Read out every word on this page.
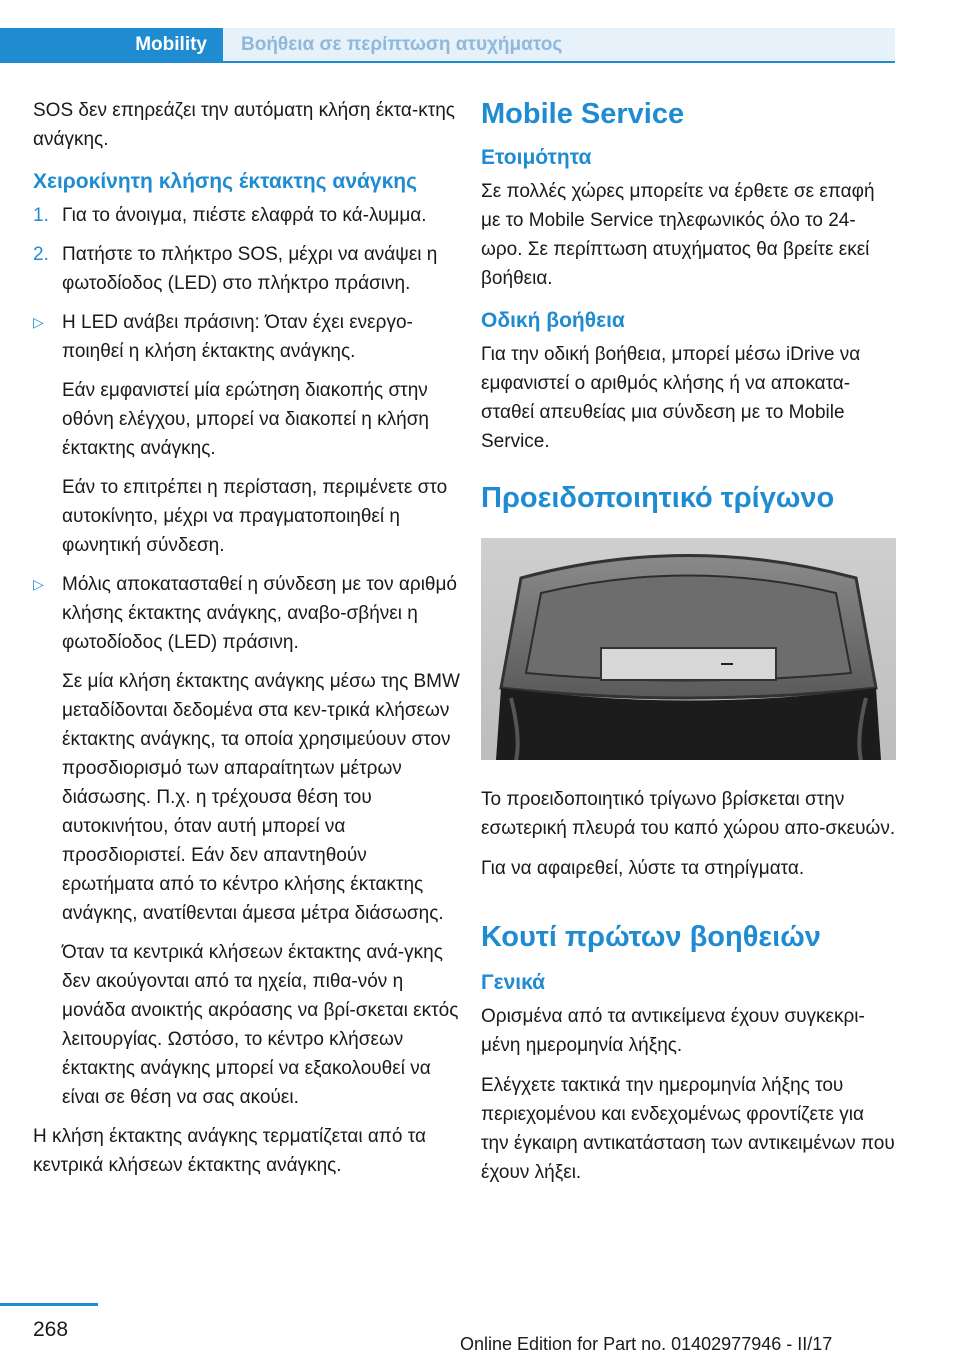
Mobility	Βοήθεια σε περίπτωση ατυχήματος

SOS δεν επηρεάζει την αυτόματη κλήση έκτα-κτης ανάγκης.

Χειροκίνητη κλήσης έκτακτης ανάγκης
1. Για το άνοιγμα, πιέστε ελαφρά το κά-λυμμα.
2. Πατήστε το πλήκτρο SOS, μέχρι να ανάψει η φωτοδίοδος (LED) στο πλήκτρο πράσινη.
▷ Η LED ανάβει πράσινη: Όταν έχει ενεργο-ποιηθεί η κλήση έκτακτης ανάγκης.

Εάν εμφανιστεί μία ερώτηση διακοπής στην οθόνη ελέγχου, μπορεί να διακοπεί η κλήση έκτακτης ανάγκης.

Εάν το επιτρέπει η περίσταση, περιμένετε στο αυτοκίνητο, μέχρι να πραγματοποιηθεί η φωνητική σύνδεση.

▷ Μόλις αποκατασταθεί η σύνδεση με τον αριθμό κλήσης έκτακτης ανάγκης, αναβο-σβήνει η φωτοδίοδος (LED) πράσινη.

Σε μία κλήση έκτακτης ανάγκης μέσω της BMW μεταδίδονται δεδομένα στα κεν-τρικά κλήσεων έκτακτης ανάγκης, τα οποία χρησιμεύουν στον προσδιορισμό των απαραίτητων μέτρων διάσωσης. Π.χ. η τρέχουσα θέση του αυτοκινήτου, όταν αυτή μπορεί να προσδιοριστεί. Εάν δεν απαντηθούν ερωτήματα από το κέντρο κλήσης έκτακτης ανάγκης, ανατίθενται άμεσα μέτρα διάσωσης.

Όταν τα κεντρικά κλήσεων έκτακτης ανά-γκης δεν ακούγονται από τα ηχεία, πιθα-νόν η μονάδα ανοικτής ακρόασης να βρί-σκεται εκτός λειτουργίας. Ωστόσο, το κέντρο κλήσεων έκτακτης ανάγκης μπορεί να εξακολουθεί να είναι σε θέση να σας ακούει.

Η κλήση έκτακτης ανάγκης τερματίζεται από τα κεντρικά κλήσεων έκτακτης ανάγκης.

Mobile Service
Ετοιμότητα

Σε πολλές χώρες μπορείτε να έρθετε σε επαφή με το Mobile Service τηλεφωνικός όλο το 24-ωρο. Σε περίπτωση ατυχήματος θα βρείτε εκεί βοήθεια.

Οδική βοήθεια

Για την οδική βοήθεια, μπορεί μέσω iDrive να εμφανιστεί ο αριθμός κλήσης ή να αποκατα-σταθεί απευθείας μια σύνδεση με το Mobile Service.

Προειδοποιητικό τρίγωνο

Το προειδοποιητικό τρίγωνο βρίσκεται στην εσωτερική πλευρά του καπό χώρου απο-σκευών.

Για να αφαιρεθεί, λύστε τα στηρίγματα.

Κουτί πρώτων βοηθειών
Γενικά

Ορισμένα από τα αντικείμενα έχουν συγκεκρι-μένη ημερομηνία λήξης.

Ελέγχετε τακτικά την ημερομηνία λήξης του περιεχομένου και ενδεχομένως φροντίζετε για την έγκαιρη αντικατάσταση των αντικειμένων που έχουν λήξει.

268
Online Edition for Part no. 01402977946 - II/17
